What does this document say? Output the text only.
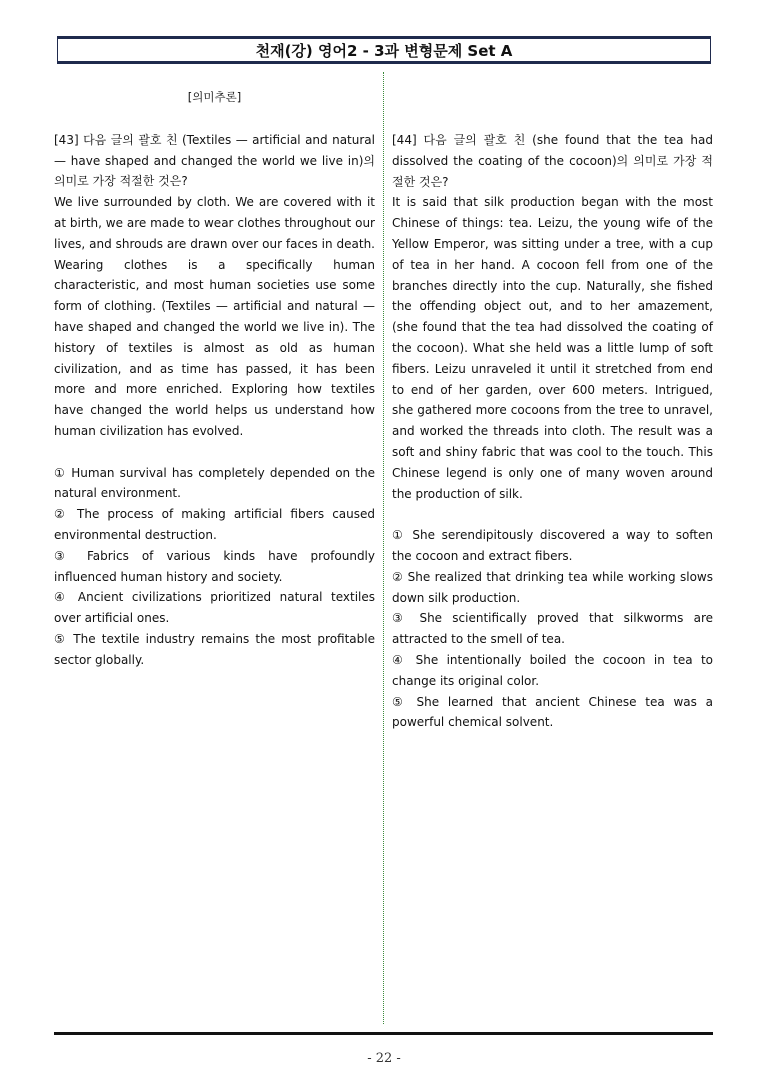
천재(강) 영어2 - 3과 변형문제 Set A
[의미추론]

[43] 다음 글의 괄호 친 (Textiles — artificial and natural — have shaped and changed the world we live in)의 의미로 가장 적절한 것은?

We live surrounded by cloth. We are covered with it at birth, we are made to wear clothes throughout our lives, and shrouds are drawn over our faces in death. Wearing clothes is a specifically human characteristic, and most human societies use some form of clothing. (Textiles — artificial and natural — have shaped and changed the world we live in). The history of textiles is almost as old as human civilization, and as time has passed, it has been more and more enriched. Exploring how textiles have changed the world helps us understand how human civilization has evolved.

① Human survival has completely depended on the natural environment.

② The process of making artificial fibers caused environmental destruction.

③ Fabrics of various kinds have profoundly influenced human history and society.

④ Ancient civilizations prioritized natural textiles over artificial ones.

⑤ The textile industry remains the most profitable sector globally.

[44] 다음 글의 괄호 친 (she found that the tea had dissolved the coating of the cocoon)의 의미로 가장 적절한 것은?

It is said that silk production began with the most Chinese of things: tea. Leizu, the young wife of the Yellow Emperor, was sitting under a tree, with a cup of tea in her hand. A cocoon fell from one of the branches directly into the cup. Naturally, she fished the offending object out, and to her amazement, (she found that the tea had dissolved the coating of the cocoon). What she held was a little lump of soft fibers. Leizu unraveled it until it stretched from end to end of her garden, over 600 meters. Intrigued, she gathered more cocoons from the tree to unravel, and worked the threads into cloth. The result was a soft and shiny fabric that was cool to the touch. This Chinese legend is only one of many woven around the production of silk.

① She serendipitously discovered a way to soften the cocoon and extract fibers.

② She realized that drinking tea while working slows down silk production.

③ She scientifically proved that silkworms are attracted to the smell of tea.

④ She intentionally boiled the cocoon in tea to change its original color.

⑤ She learned that ancient Chinese tea was a powerful chemical solvent.

- 22 -
